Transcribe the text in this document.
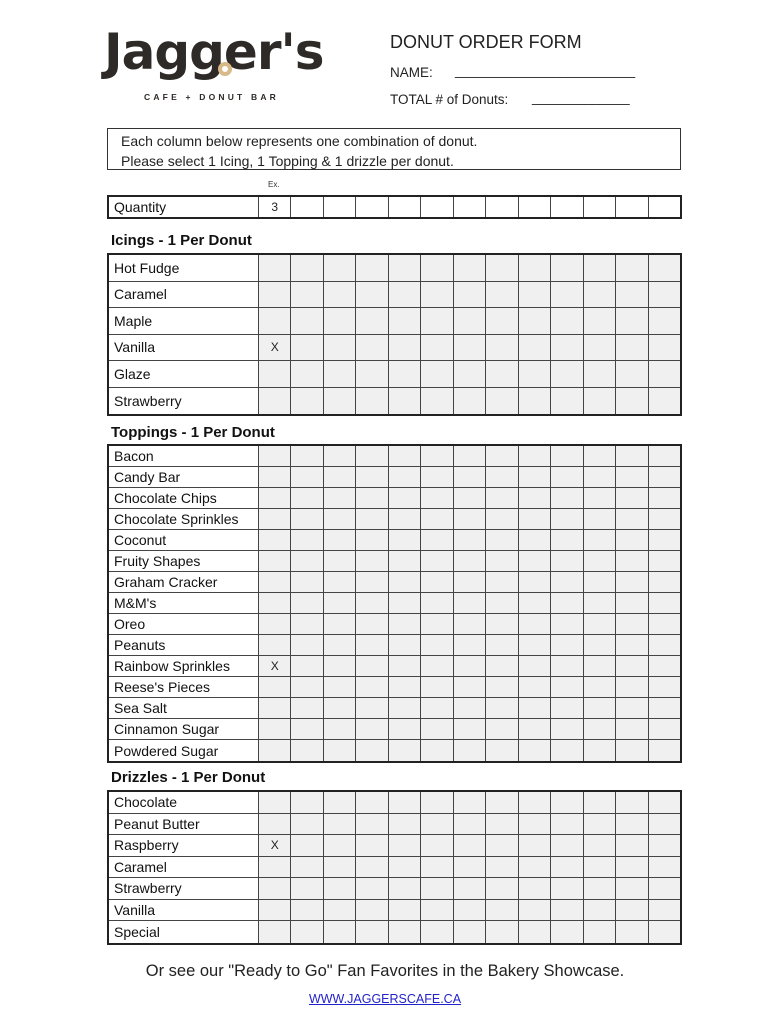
Jagger's
CAFE + DONUT BAR
DONUT ORDER FORM
NAME: ________________________
TOTAL # of Donuts: _____________
Each column below represents one combination of donut.
Please select 1 Icing, 1 Topping & 1 drizzle per donut.
Ex.
Quantity	3
Icings - 1 Per Donut
Hot Fudge
Caramel
Maple
Vanilla	X
Glaze
Strawberry
Toppings - 1 Per Donut
Bacon
Candy Bar
Chocolate Chips
Chocolate Sprinkles
Coconut
Fruity Shapes
Graham Cracker
M&M's
Oreo
Peanuts
Rainbow Sprinkles	X
Reese's Pieces
Sea Salt
Cinnamon Sugar
Powdered Sugar
Drizzles - 1 Per Donut
Chocolate
Peanut Butter
Raspberry	X
Caramel
Strawberry
Vanilla
Special
Or see our "Ready to Go" Fan Favorites in the Bakery Showcase.
WWW.JAGGERSCAFE.CA
